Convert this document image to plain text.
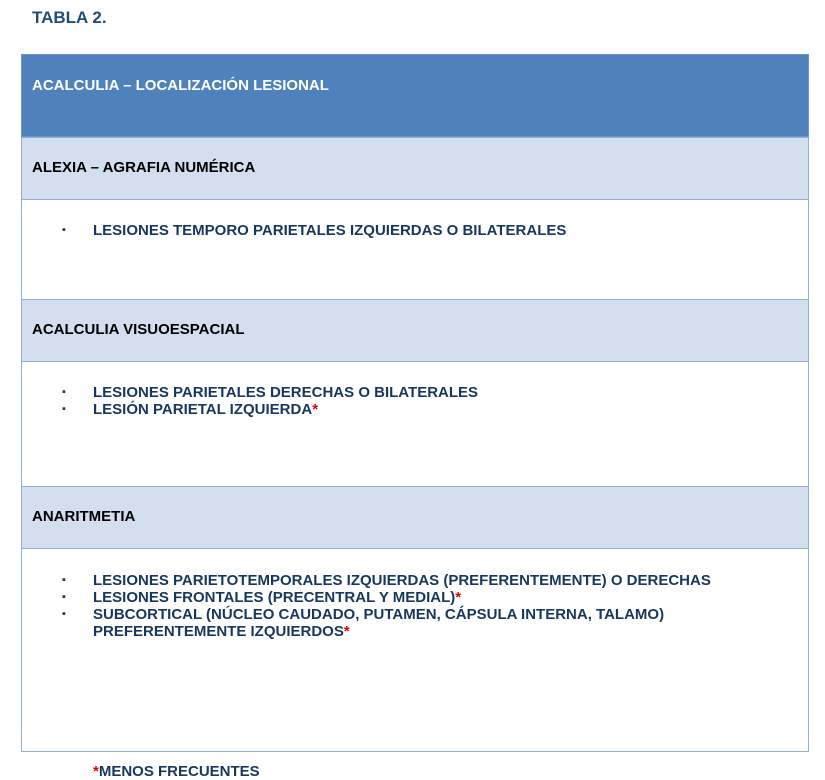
TABLA 2.
ACALCULIA – LOCALIZACIÓN LESIONAL
ALEXIA – AGRAFIA NUMÉRICA
▪ LESIONES TEMPORO PARIETALES IZQUIERDAS O BILATERALES
ACALCULIA VISUOESPACIAL
▪ LESIONES PARIETALES DERECHAS O BILATERALES
▪ LESIÓN PARIETAL IZQUIERDA*
ANARITMETIA
▪ LESIONES PARIETOTEMPORALES IZQUIERDAS (PREFERENTEMENTE) O DERECHAS
▪ LESIONES FRONTALES (PRECENTRAL Y MEDIAL)*
▪ SUBCORTICAL (NÚCLEO CAUDADO, PUTAMEN, CÁPSULA INTERNA, TALAMO) PREFERENTEMENTE IZQUIERDOS*
*MENOS FRECUENTES
